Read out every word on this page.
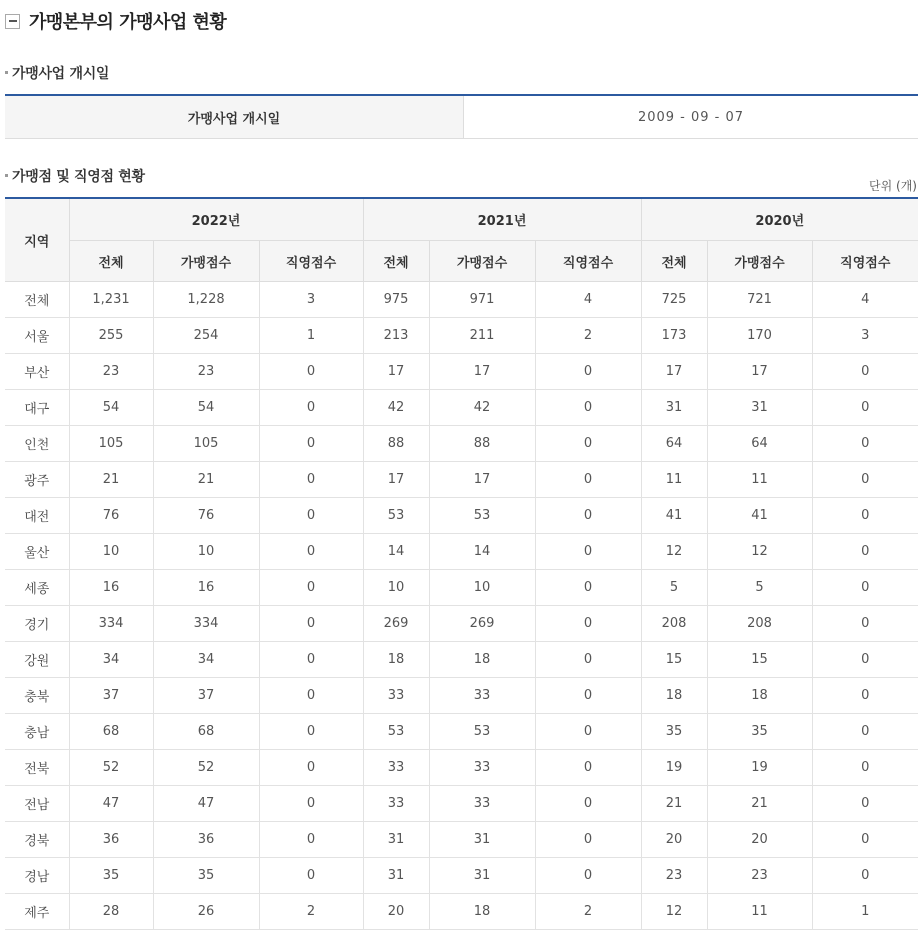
가맹본부의 가맹사업 현황
가맹사업 개시일
가맹사업 개시일	2009 - 09 - 07
가맹점 및 직영점 현황
단위 (개)
지역	2022년			2021년			2020년		
	전체	가맹점수	직영점수	전체	가맹점수	직영점수	전체	가맹점수	직영점수
전체	1,231	1,228	3	975	971	4	725	721	4
서울	255	254	1	213	211	2	173	170	3
부산	23	23	0	17	17	0	17	17	0
대구	54	54	0	42	42	0	31	31	0
인천	105	105	0	88	88	0	64	64	0
광주	21	21	0	17	17	0	11	11	0
대전	76	76	0	53	53	0	41	41	0
울산	10	10	0	14	14	0	12	12	0
세종	16	16	0	10	10	0	5	5	0
경기	334	334	0	269	269	0	208	208	0
강원	34	34	0	18	18	0	15	15	0
충북	37	37	0	33	33	0	18	18	0
충남	68	68	0	53	53	0	35	35	0
전북	52	52	0	33	33	0	19	19	0
전남	47	47	0	33	33	0	21	21	0
경북	36	36	0	31	31	0	20	20	0
경남	35	35	0	31	31	0	23	23	0
제주	28	26	2	20	18	2	12	11	1
